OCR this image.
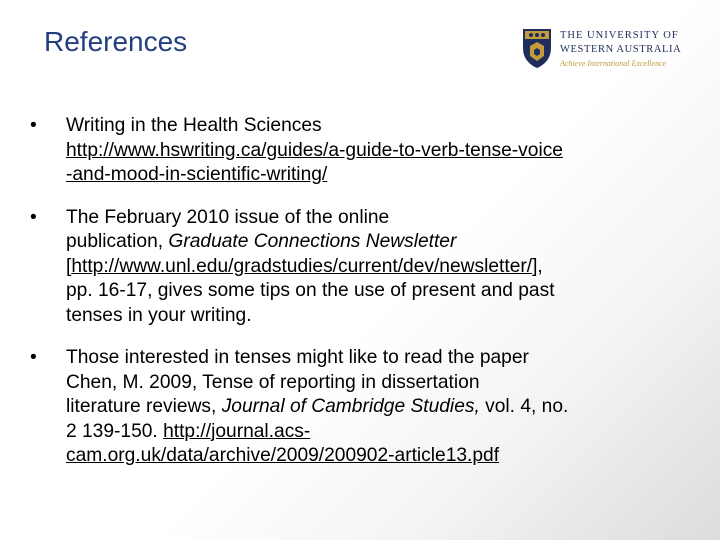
References	THE UNIVERSITY OF
WESTERN AUSTRALIA
Achieve International Excellence
•	Writing in the Health Sciences
http://www.hswriting.ca/guides/a-guide-to-verb-tense-voice
-and-mood-in-scientific-writing/
•	The February 2010 issue of the online
publication, Graduate Connections Newsletter
[http://www.unl.edu/gradstudies/current/dev/newsletter/],
pp. 16-17, gives some tips on the use of present and past
tenses in your writing.
•	Those interested in tenses might like to read the paper
Chen, M. 2009, Tense of reporting in dissertation
literature reviews, Journal of Cambridge Studies, vol. 4, no.
2 139-150. http://journal.acs-
cam.org.uk/data/archive/2009/200902-article13.pdf
